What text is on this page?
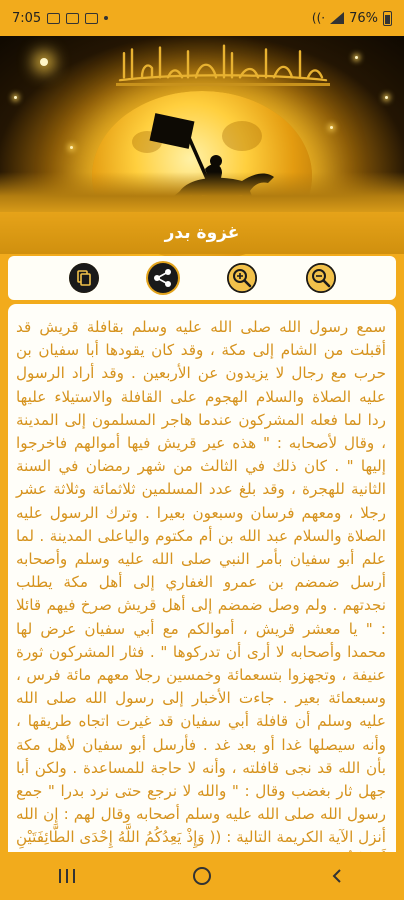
7:05	((· 76%
غزوة بدر

سمع رسول الله صلى الله عليه وسلم بقافلة قريش قد أقبلت من الشام إلى مكة ، وقد كان يقودها أبا سفيان بن حرب مع رجال لا يزيدون عن الأربعين . وقد أراد الرسول عليه الصلاة والسلام الهجوم على القافلة والاستيلاء عليها ردا لما فعله المشركون عندما هاجر المسلمون إلى المدينة ، وقال لأصحابه : " هذه عير قريش فيها أموالهم فاخرجوا إليها " . كان ذلك في الثالث من شهر رمضان في السنة الثانية للهجرة ، وقد بلغ عدد المسلمين ثلاثمائة وثلاثة عشر رجلا ، ومعهم فرسان وسبعون بعيرا . وترك الرسول عليه الصلاة والسلام عبد الله بن أم مكتوم والياعلى المدينة . لما علم أبو سفيان بأمر النبي صلى الله عليه وسلم وأصحابه أرسل ضمضم بن عمرو الغفاري إلى أهل مكة يطلب نجدتهم . ولم وصل ضمضم إلى أهل قريش صرخ فيهم قائلا : " يا معشر قريش ، أموالكم مع أبي سفيان عرض لها محمدا وأصحابه لا أرى أن تدركوها " . فثار المشركون ثورة عنيفة ، وتجهزوا بتسعمائة وخمسين رجلا معهم مائة فرس ، وسبعمائة بعير . جاءت الأخبار إلى رسول الله صلى الله عليه وسلم أن قافلة أبي سفيان قد غيرت اتجاه طريقها ، وأنه سيصلها غدا أو بعد غد . فأرسل أبو سفيان لأهل مكة بأن الله قد نجى قافلته ، وأنه لا حاجة للمساعدة . ولكن أبا جهل ثار بغضب وقال : " والله لا نرجع حتى نرد بدرا " جمع رسول الله صلى الله عليه وسلم أصحابه وقال لهم : إن الله أنزل الآية الكريمة التالية : (( وَإِذْ يَعِدُكُمُ اللَّهُ إِحْدَى الطَّائِفَتَيْنِ
